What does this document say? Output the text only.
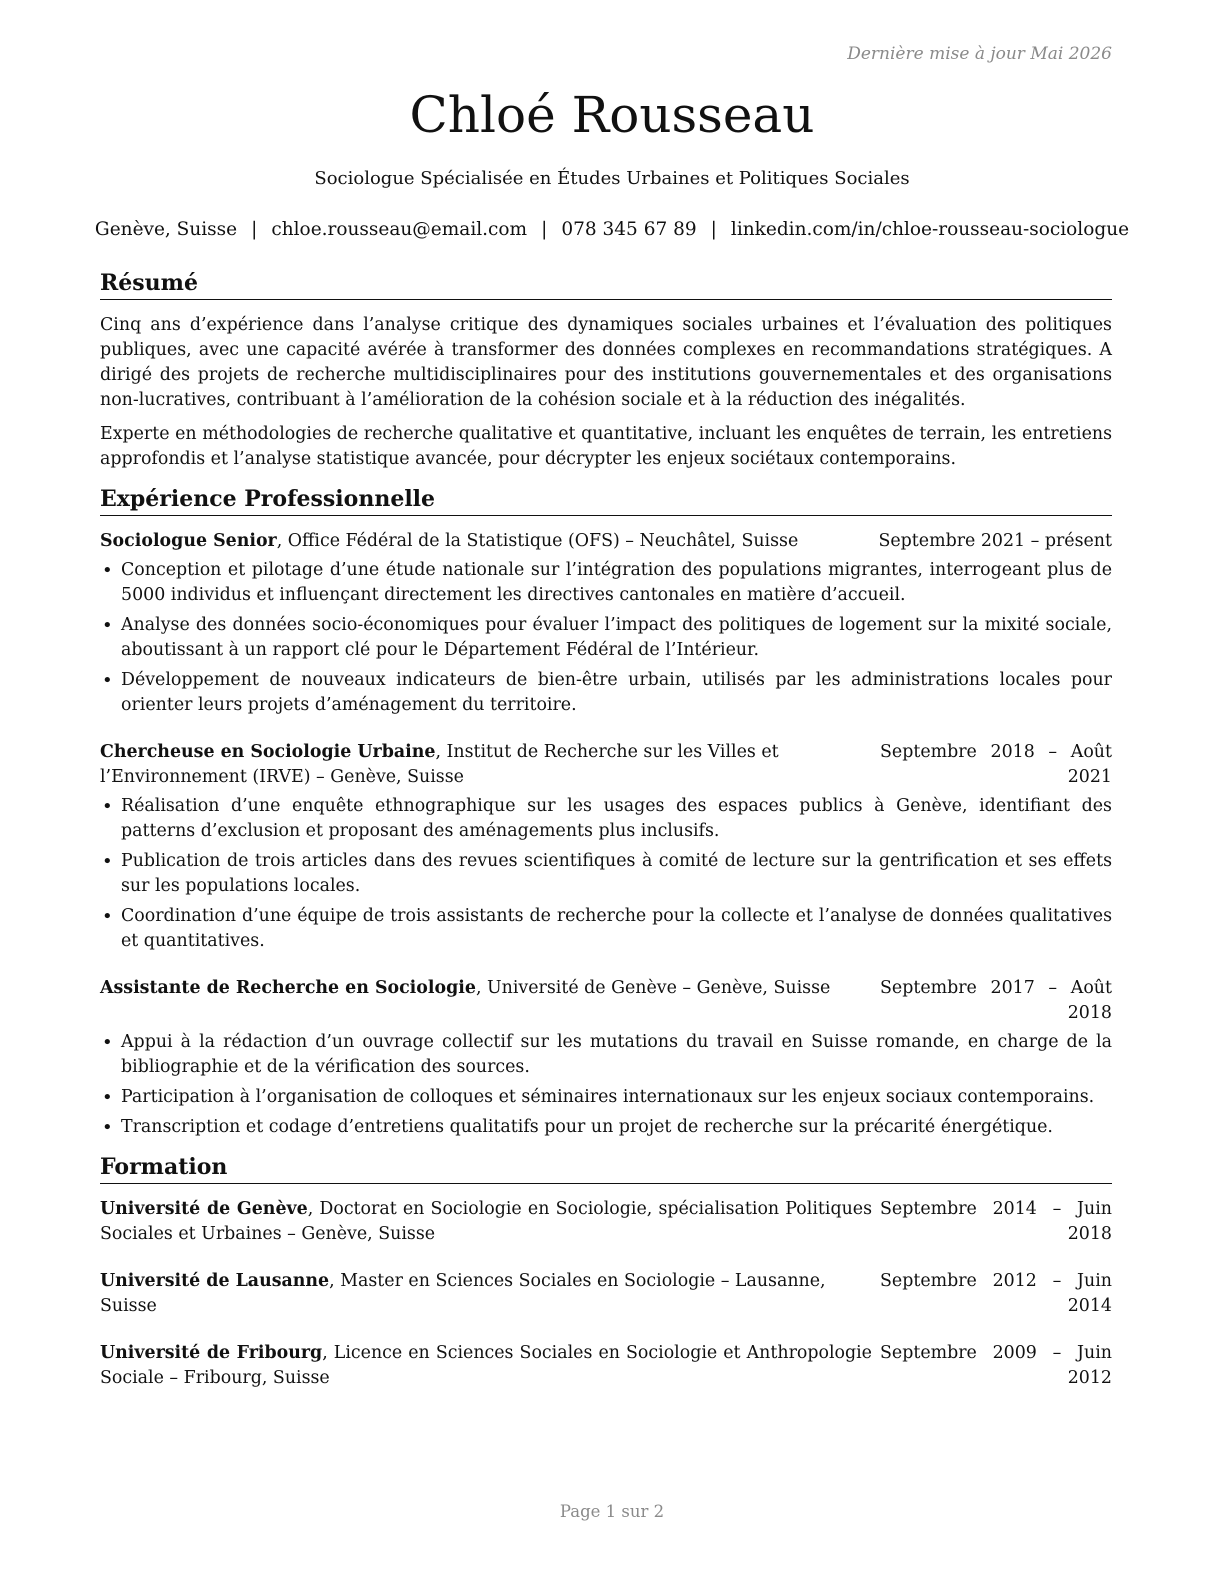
Dernière mise à jour Mai 2026
Chloé Rousseau
Sociologue Spécialisée en Études Urbaines et Politiques Sociales
Genève, Suisse | chloe.rousseau@email.com | 078 345 67 89 | linkedin.com/in/chloe-rousseau-sociologue
Résumé

Cinq ans d’expérience dans l’analyse critique des dynamiques sociales urbaines et l’évaluation des politiques publiques, avec une capacité avérée à transformer des données complexes en recommandations stratégiques. A dirigé des projets de recherche multidisciplinaires pour des institutions gouvernementales et des organisations non-lucratives, contribuant à l’amélioration de la cohésion sociale et à la réduction des inégalités.

Experte en méthodologies de recherche qualitative et quantitative, incluant les enquêtes de terrain, les entretiens approfondis et l’analyse statistique avancée, pour décrypter les enjeux sociétaux contemporains.

Expérience Professionnelle
Sociologue Senior, Office Fédéral de la Statistique (OFS) – Neuchâtel, Suisse	Septembre 2021 – présent
• Conception et pilotage d’une étude nationale sur l’intégration des populations migrantes, interrogeant plus de 5000 individus et influençant directement les directives cantonales en matière d’accueil.
• Analyse des données socio-économiques pour évaluer l’impact des politiques de logement sur la mixité sociale, aboutissant à un rapport clé pour le Département Fédéral de l’Intérieur.
• Développement de nouveaux indicateurs de bien-être urbain, utilisés par les administrations locales pour orienter leurs projets d’aménagement du territoire.
Chercheuse en Sociologie Urbaine, Institut de Recherche sur les Villes et l’Environnement (IRVE) – Genève, Suisse
Septembre 2018 – Août 2021
• Réalisation d’une enquête ethnographique sur les usages des espaces publics à Genève, identifiant des patterns d’exclusion et proposant des aménagements plus inclusifs.
• Publication de trois articles dans des revues scientifiques à comité de lecture sur la gentrification et ses effets sur les populations locales.
• Coordination d’une équipe de trois assistants de recherche pour la collecte et l’analyse de données qualitatives et quantitatives.
Assistante de Recherche en Sociologie, Université de Genève – Genève, Suisse	Septembre 2017 – Août 2018
• Appui à la rédaction d’un ouvrage collectif sur les mutations du travail en Suisse romande, en charge de la bibliographie et de la vérification des sources.
• Participation à l’organisation de colloques et séminaires internationaux sur les enjeux sociaux contemporains.
• Transcription et codage d’entretiens qualitatifs pour un projet de recherche sur la précarité énergétique.
Formation
Université de Genève, Doctorat en Sociologie en Sociologie, spécialisation Politiques Sociales et Urbaines – Genève, Suisse
Septembre 2014 – Juin 2018
Université de Lausanne, Master en Sciences Sociales en Sociologie – Lausanne, Suisse
Septembre 2012 – Juin 2014
Université de Fribourg, Licence en Sciences Sociales en Sociologie et Anthropologie Sociale – Fribourg, Suisse
Septembre 2009 – Juin 2012
Page 1 sur 2
